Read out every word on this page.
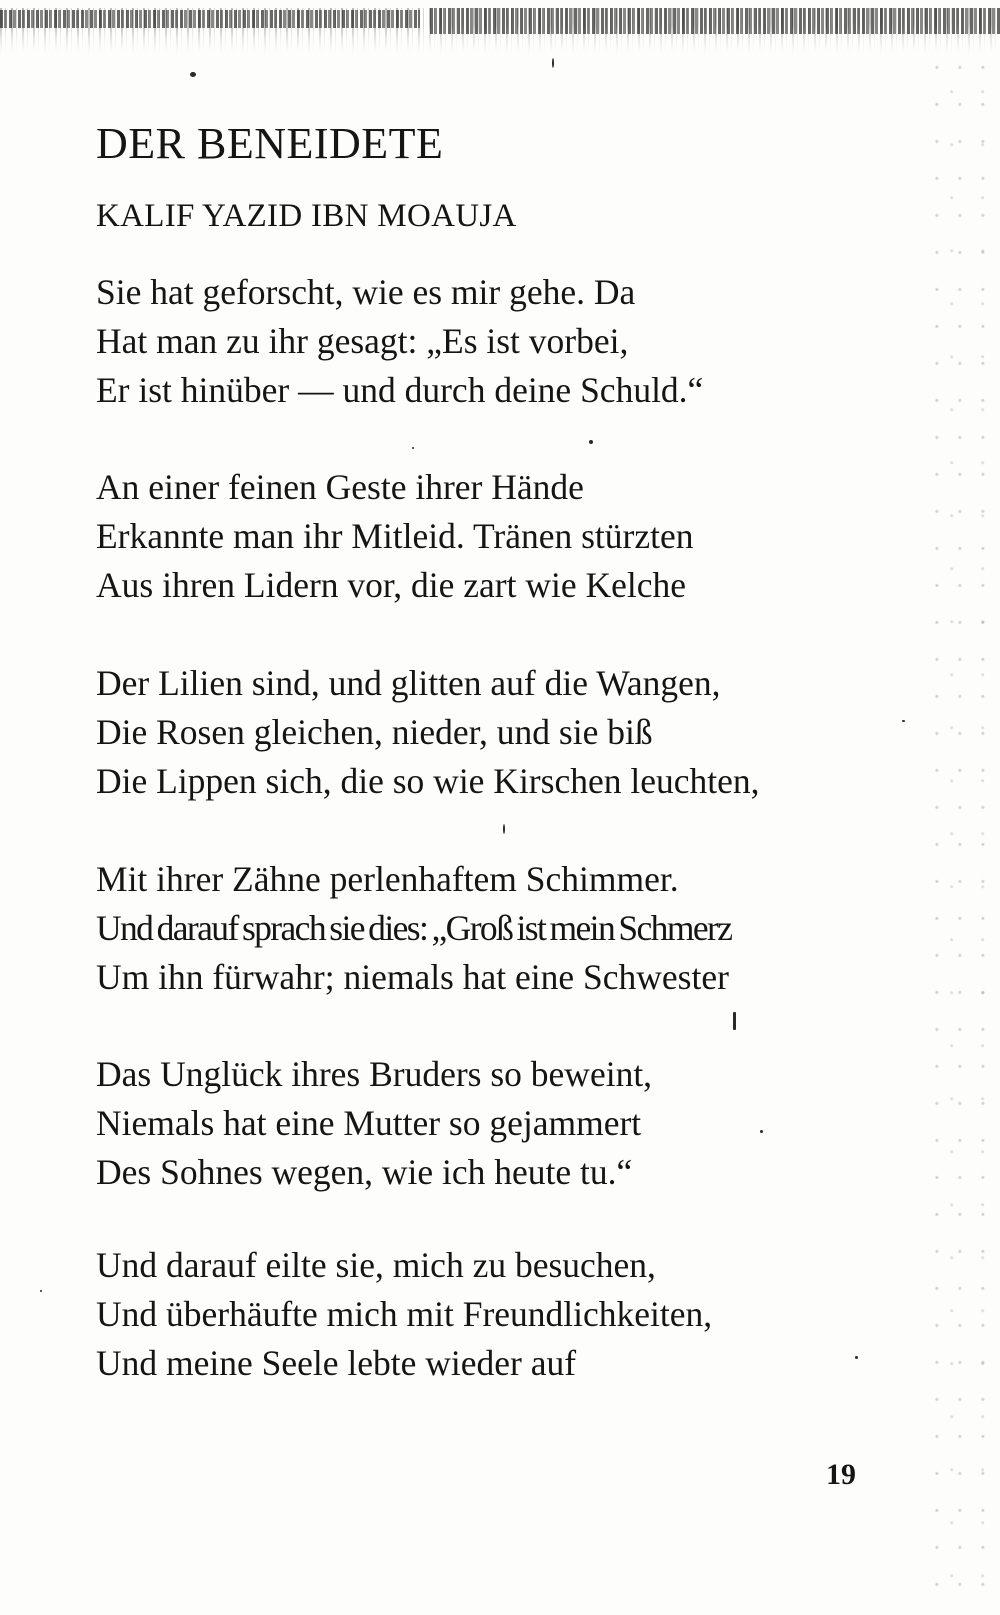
DER BENEIDETE
KALIF YAZID IBN MOAUJA
Sie hat geforscht, wie es mir gehe. Da
Hat man zu ihr gesagt: „Es ist vorbei,
Er ist hinüber — und durch deine Schuld.“
An einer feinen Geste ihrer Hände
Erkannte man ihr Mitleid. Tränen stürzten
Aus ihren Lidern vor, die zart wie Kelche
Der Lilien sind, und glitten auf die Wangen,
Die Rosen gleichen, nieder, und sie biß
Die Lippen sich, die so wie Kirschen leuchten,
Mit ihrer Zähne perlenhaftem Schimmer.
Und darauf sprach sie dies: „Groß ist mein Schmerz
Um ihn fürwahr; niemals hat eine Schwester
Das Unglück ihres Bruders so beweint,
Niemals hat eine Mutter so gejammert
Des Sohnes wegen, wie ich heute tu.“
Und darauf eilte sie, mich zu besuchen,
Und überhäufte mich mit Freundlichkeiten,
Und meine Seele lebte wieder auf
19
